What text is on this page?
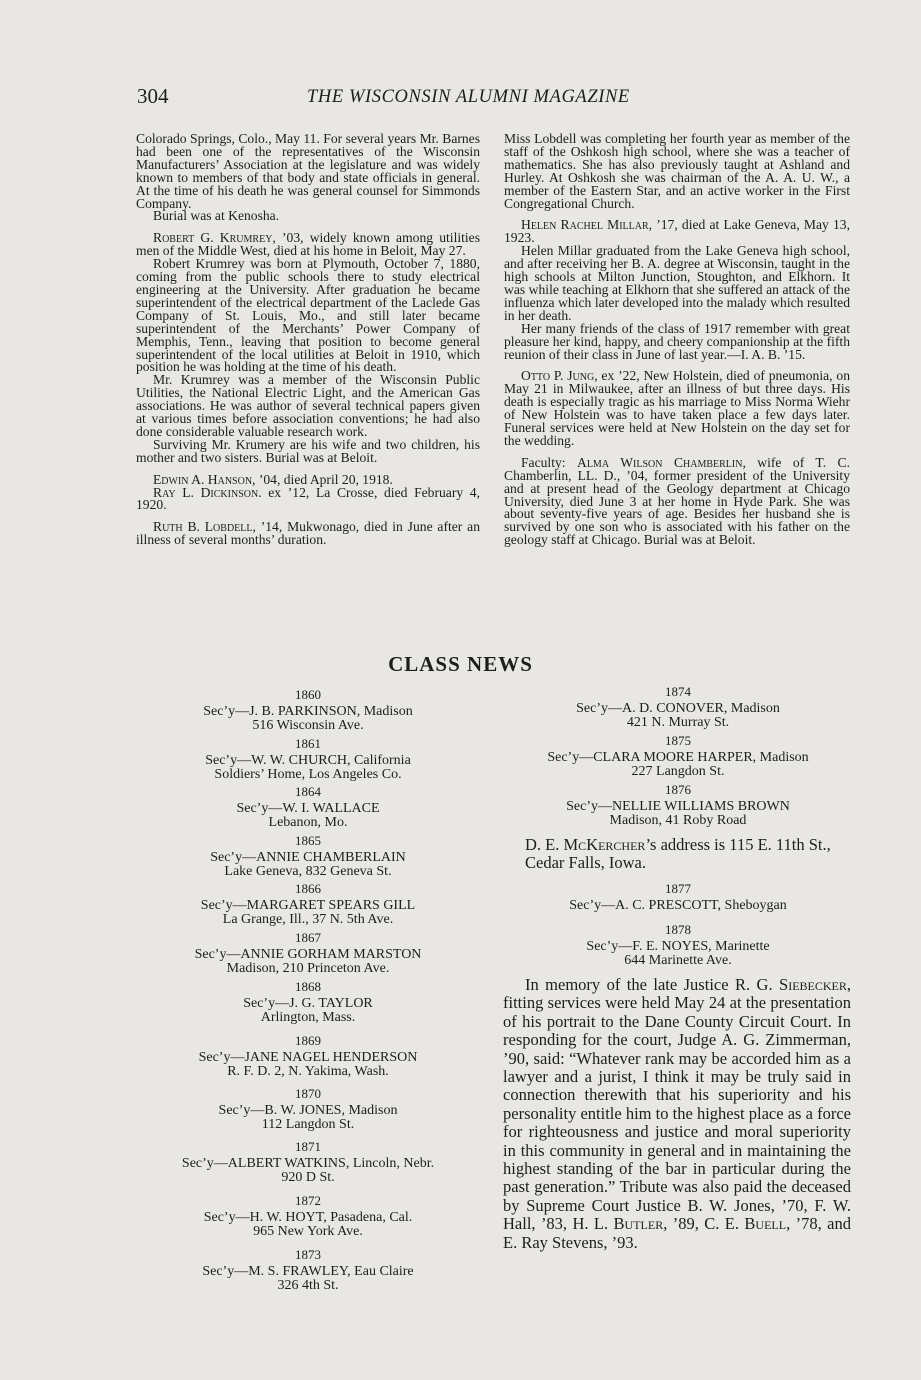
304	THE WISCONSIN ALUMNI MAGAZINE

Colorado Springs, Colo., May 11. For several years Mr. Barnes had been one of the representatives of the Wisconsin Manufacturers’ Association at the legislature and was widely known to members of that body and state officials in general. At the time of his death he was general counsel for Simmonds Company.

Burial was at Kenosha.

Robert G. Krumrey, ’03, widely known among utilities men of the Middle West, died at his home in Beloit, May 27.

Robert Krumrey was born at Plymouth, October 7, 1880, coming from the public schools there to study electrical engineering at the University. After graduation he became superintendent of the electrical department of the Laclede Gas Company of St. Louis, Mo., and still later became superintendent of the Merchants’ Power Company of Memphis, Tenn., leaving that position to become general superintendent of the local utilities at Beloit in 1910, which position he was holding at the time of his death.

Mr. Krumrey was a member of the Wisconsin Public Utilities, the National Electric Light, and the American Gas associations. He was author of several technical papers given at various times before association conventions; he had also done considerable valuable research work.

Surviving Mr. Krumery are his wife and two children, his mother and two sisters. Burial was at Beloit.

Edwin A. Hanson, ’04, died April 20, 1918.

Ray L. Dickinson. ex ’12, La Crosse, died February 4, 1920.

Ruth B. Lobdell, ’14, Mukwonago, died in June after an illness of several months’ duration.

Miss Lobdell was completing her fourth year as member of the staff of the Oshkosh high school, where she was a teacher of mathematics. She has also previously taught at Ashland and Hurley. At Oshkosh she was chairman of the A. A. U. W., a member of the Eastern Star, and an active worker in the First Congregational Church.

Helen Rachel Millar, ’17, died at Lake Geneva, May 13, 1923.

Helen Millar graduated from the Lake Geneva high school, and after receiving her B. A. degree at Wisconsin, taught in the high schools at Milton Junction, Stoughton, and Elkhorn. It was while teaching at Elkhorn that she suffered an attack of the influenza which later developed into the malady which resulted in her death.

Her many friends of the class of 1917 remember with great pleasure her kind, happy, and cheery companionship at the fifth reunion of their class in June of last year.—I. A. B. ’15.

Otto P. Jung, ex ’22, New Holstein, died of pneumonia, on May 21 in Milwaukee, after an illness of but three days. His death is especially tragic as his marriage to Miss Norma Wiehr of New Holstein was to have taken place a few days later. Funeral services were held at New Holstein on the day set for the wedding.

Faculty: Alma Wilson Chamberlin, wife of T. C. Chamberlin, LL. D., ’04, former president of the University and at present head of the Geology department at Chicago University, died June 3 at her home in Hyde Park. She was about seventy-five years of age. Besides her husband she is survived by one son who is associated with his father on the geology staff at Chicago. Burial was at Beloit.

CLASS NEWS
1860
Sec’y—J. B. PARKINSON, Madison
516 Wisconsin Ave.
1861
Sec’y—W. W. CHURCH, California
Soldiers’ Home, Los Angeles Co.
1864
Sec’y—W. I. WALLACE
Lebanon, Mo.
1865
Sec’y—ANNIE CHAMBERLAIN
Lake Geneva, 832 Geneva St.
1866
Sec’y—MARGARET SPEARS GILL
La Grange, Ill., 37 N. 5th Ave.
1867
Sec’y—ANNIE GORHAM MARSTON
Madison, 210 Princeton Ave.
1868
Sec’y—J. G. TAYLOR
Arlington, Mass.
1869
Sec’y—JANE NAGEL HENDERSON
R. F. D. 2, N. Yakima, Wash.
1870
Sec’y—B. W. JONES, Madison
112 Langdon St.
1871
Sec’y—ALBERT WATKINS, Lincoln, Nebr.
920 D St.
1872
Sec’y—H. W. HOYT, Pasadena, Cal.
965 New York Ave.
1873
Sec’y—M. S. FRAWLEY, Eau Claire
326 4th St.
1874
Sec’y—A. D. CONOVER, Madison
421 N. Murray St.
1875
Sec’y—CLARA MOORE HARPER, Madison
227 Langdon St.
1876
Sec’y—NELLIE WILLIAMS BROWN
Madison, 41 Roby Road
D. E. McKercher’s address is 115 E. 11th St., Cedar Falls, Iowa.
1877
Sec’y—A. C. PRESCOTT, Sheboygan
1878
Sec’y—F. E. NOYES, Marinette
644 Marinette Ave.

In memory of the late Justice R. G. Siebecker, fitting services were held May 24 at the presentation of his portrait to the Dane County Circuit Court. In responding for the court, Judge A. G. Zimmerman, ’90, said: “Whatever rank may be accorded him as a lawyer and a jurist, I think it may be truly said in connection therewith that his superiority and his personality entitle him to the highest place as a force for righteousness and justice and moral superiority in this community in general and in maintaining the highest standing of the bar in particular during the past generation.” Tribute was also paid the deceased by Supreme Court Justice B. W. Jones, ’70, F. W. Hall, ’83, H. L. Butler, ’89, C. E. Buell, ’78, and E. Ray Stevens, ’93.
